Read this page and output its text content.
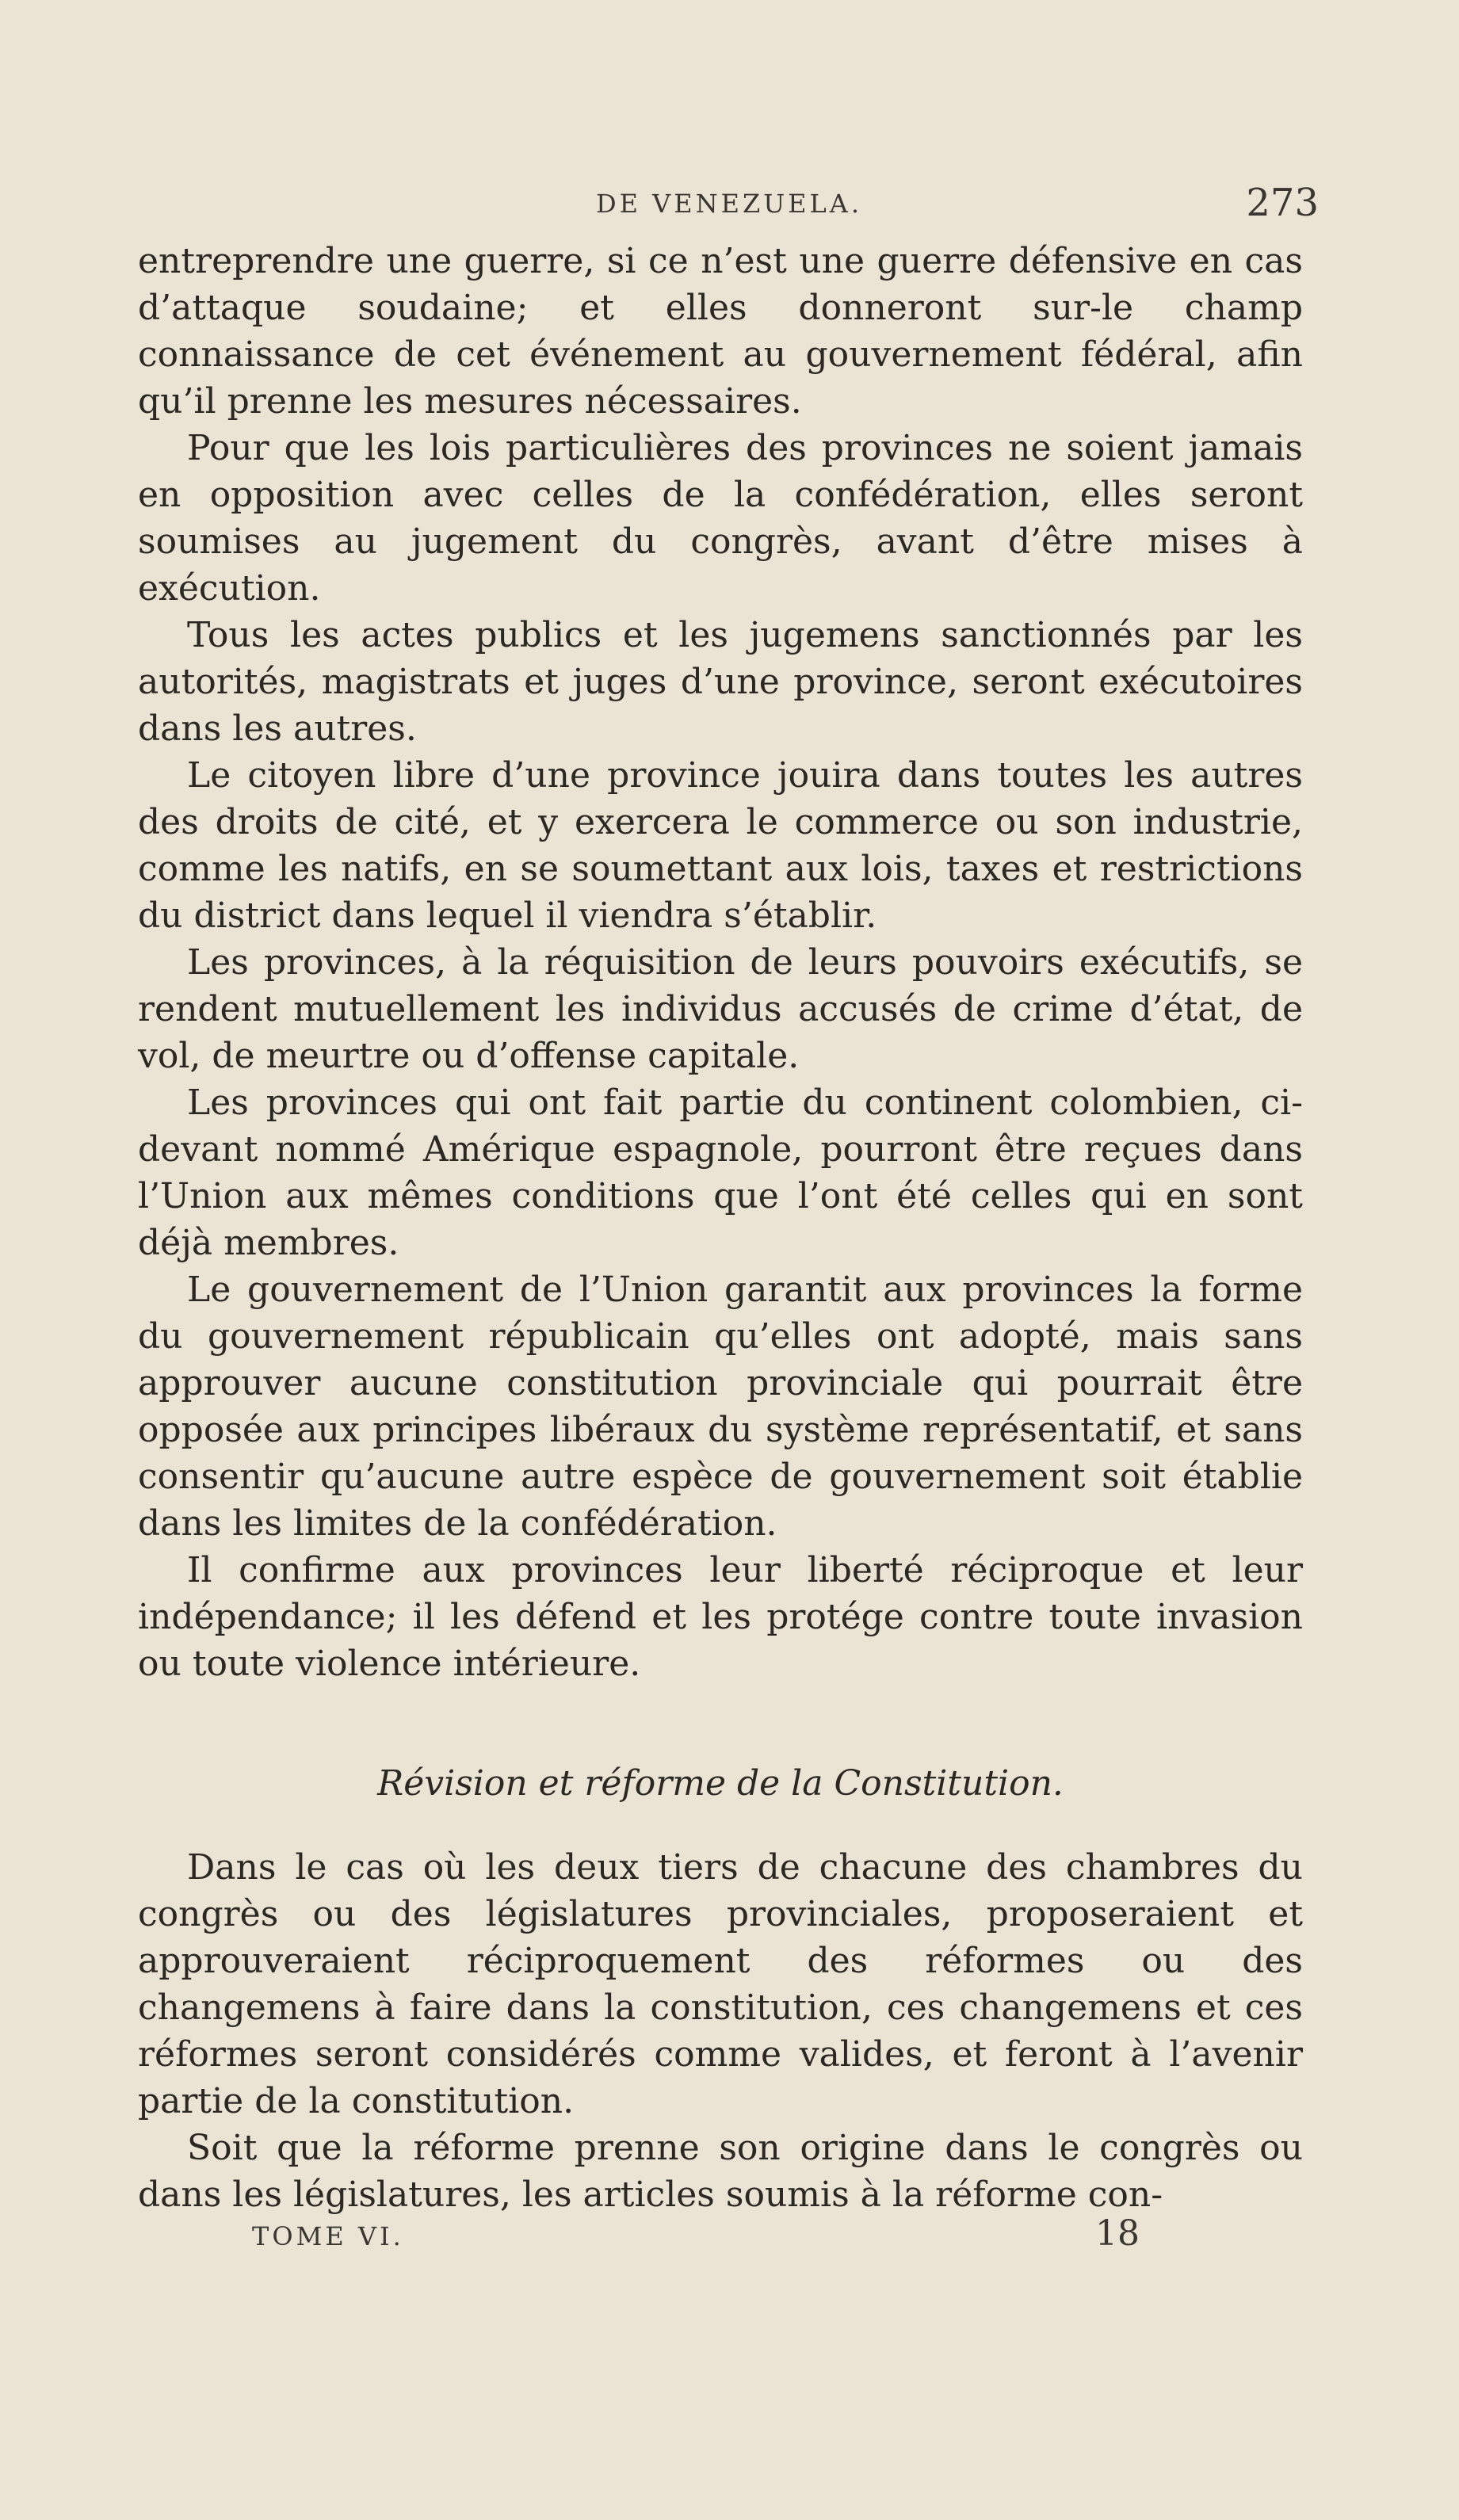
DE VENEZUELA.	273

entreprendre une guerre, si ce n’est une guerre défensive en cas d’attaque soudaine; et elles donneront sur-le champ connaissance de cet événement au gouvernement fédéral, afin qu’il prenne les mesures nécessaires.

Pour que les lois particulières des provinces ne soient jamais en opposition avec celles de la confédération, elles seront soumises au jugement du congrès, avant d’être mises à exécution.

Tous les actes publics et les jugemens sanctionnés par les autorités, magistrats et juges d’une province, seront exécutoires dans les autres.

Le citoyen libre d’une province jouira dans toutes les autres des droits de cité, et y exercera le commerce ou son industrie, comme les natifs, en se soumettant aux lois, taxes et restrictions du district dans lequel il viendra s’établir.

Les provinces, à la réquisition de leurs pouvoirs exécutifs, se rendent mutuellement les individus accusés de crime d’état, de vol, de meurtre ou d’offense capitale.

Les provinces qui ont fait partie du continent colombien, ci-devant nommé Amérique espagnole, pourront être reçues dans l’Union aux mêmes conditions que l’ont été celles qui en sont déjà membres.

Le gouvernement de l’Union garantit aux provinces la forme du gouvernement républicain qu’elles ont adopté, mais sans approuver aucune constitution provinciale qui pourrait être opposée aux principes libéraux du système représentatif, et sans consentir qu’aucune autre espèce de gouvernement soit établie dans les limites de la confédération.

Il confirme aux provinces leur liberté réciproque et leur indépendance; il les défend et les protége contre toute invasion ou toute violence intérieure.

Révision et réforme de la Constitution.

Dans le cas où les deux tiers de chacune des chambres du congrès ou des législatures provinciales, proposeraient et approuveraient réciproquement des réformes ou des changemens à faire dans la constitution, ces changemens et ces réformes seront considérés comme valides, et feront à l’avenir partie de la constitution.

Soit que la réforme prenne son origine dans le congrès ou dans les législatures, les articles soumis à la réforme con-

TOME VI.	18
